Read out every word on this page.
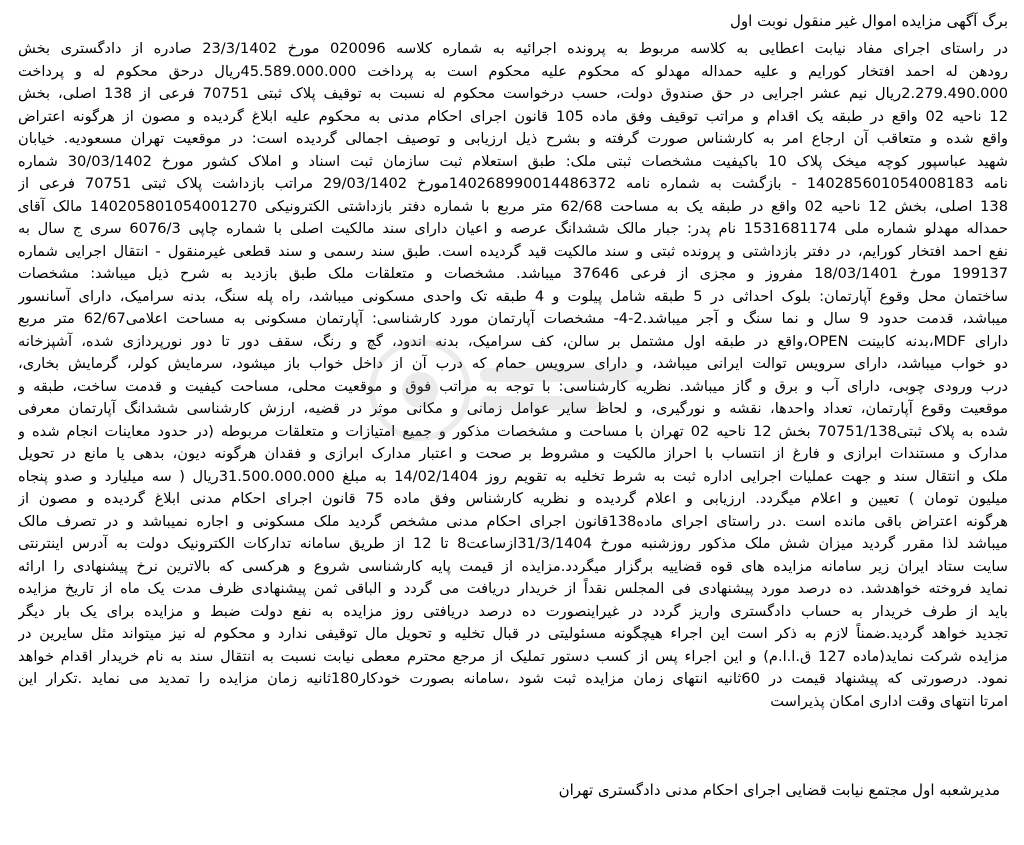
برگ آگهی مزایده اموال غیر منقول نوبت اول
در راستای اجرای مفاد نیابت اعطایی به کلاسه مربوط به پرونده اجرائیه به شماره کلاسه 020096 مورخ 23/3/1402 صادره از دادگستری بخش
رودهن له احمد افتخار کورایم و علیه حمداله مهدلو که محکوم علیه محکوم است به پرداخت 45.589.000.000ریال درحق محکوم له و پرداخت
2.279.490.000ریال نیم عشر اجرایی در حق صندوق دولت، حسب درخواست محکوم له نسبت به توقیف پلاک ثبتی 70751 فرعی از 138 اصلی، بخش
12 ناحیه 02 واقع در طبقه یک اقدام و مراتب توقیف وفق ماده 105 قانون اجرای احکام مدنی به محکوم علیه ابلاغ گردیده و مصون از هرگونه اعتراض
واقع شده و متعاقب آن ارجاع امر به کارشناس صورت گرفته و بشرح ذیل ارزیابی و توصیف اجمالی گردیده است: در موقعیت تهران مسعودیه. خیابان
شهید عباسپور کوچه میخک پلاک 10 باکیفیت مشخصات ثبتی ملک: طبق استعلام ثبت سازمان ثبت اسناد و املاک کشور مورخ 30/03/1402 شماره
نامه 140285601054008183 - بازگشت به شماره نامه 140268990014486372مورخ 29/03/1402 مراتب بازداشت پلاک ثبتی 70751 فرعی از
138 اصلی، بخش 12 ناحیه 02 واقع در طبقه یک به مساحت 62/68 متر مربع با شماره دفتر بازداشتی الکترونیکی 140205801054001270 مالک آقای
حمداله مهدلو شماره ملی 1531681174 نام پدر: جبار مالک ششدانگ عرصه و اعیان دارای سند مالکیت اصلی با شماره چاپی 6076/3 سری ج سال به
نفع احمد افتخار کورایم، در دفتر بازداشتی و پرونده ثبتی و سند مالکیت قید گردیده است. طبق سند رسمی و سند قطعی غیرمنقول - انتقال اجرایی شماره
199137 مورخ 18/03/1401 مفروز و مجزی از فرعی 37646 میباشد. مشخصات و متعلقات ملک طبق بازدید به شرح ذیل میباشد: مشخصات
ساختمان محل وقوع آپارتمان: بلوک احداثی در 5 طبقه شامل پیلوت و 4 طبقه تک واحدی مسکونی میباشد، راه پله سنگ، بدنه سرامیک، دارای آسانسور
میباشد، قدمت حدود 9 سال و نما سنگ و آجر میباشد.2-4- مشخصات آپارتمان مورد کارشناسی: آپارتمان مسکونی به مساحت اعلامی62/67 متر مربع
دارای MDF،بدنه کابینت OPEN،واقع در طبقه اول مشتمل بر سالن، کف سرامیک، بدنه اندود، گچ و رنگ، سقف دور تا دور نورپردازی شده، آشپزخانه
دو خواب میباشد، دارای سرویس توالت ایرانی میباشد، و دارای سرویس حمام که درب آن از داخل خواب باز میشود، سرمایش کولر، گرمایش بخاری،
درب ورودی چوبی، دارای آب و برق و گاز میباشد. نظریه کارشناسی: با توجه به مراتب فوق و موقعیت محلی، مساحت کیفیت و قدمت ساخت، طبقه و
موقعیت وقوع آپارتمان، تعداد واحدها، نقشه و نورگیری، و لحاظ سایر عوامل زمانی و مکانی موثر در قضیه، ارزش کارشناسی ششدانگ آپارتمان معرفی
شده به پلاک ثبتی70751/138 بخش 12 ناحیه 02 تهران با مساحت و مشخصات مذکور و جمیع امتیازات و متعلقات مربوطه (در حدود معاینات انجام شده و
مدارک و مستندات ابرازی و فارغ از انتساب با احراز مالکیت و مشروط بر صحت و اعتبار مدارک ابرازی و فقدان هرگونه دیون، بدهی یا مانع در تحویل
ملک و انتقال سند و جهت عملیات اجرایی اداره ثبت به شرط تخلیه به تقویم روز 14/02/1404 به مبلغ 31.500.000.000ریال ( سه میلیارد و صدو پنجاه
میلیون تومان ) تعیین و اعلام میگردد. ارزیابی و اعلام گردیده و نظریه کارشناس وفق ماده 75 قانون اجرای احکام مدنی ابلاغ گردیده و مصون از
هرگونه اعتراض باقی مانده است .در راستای اجرای ماده138قانون اجرای احکام مدنی مشخص گردید ملک مسکونی و اجاره نمیباشد و در تصرف مالک
میباشد لذا مقرر گردید میزان شش ملک مذکور روزشنبه مورخ 31/3/1404ازساعت8 تا 12 از طریق سامانه تدارکات الکترونیک دولت به آدرس اینترنتی
سایت ستاد ایران زیر سامانه مزایده های قوه قضاییه برگزار میگردد.مزایده از قیمت پایه کارشناسی شروع و هرکسی که بالاترین نرخ پیشنهادی را ارائه
نماید فروخته خواهدشد. ده درصد مورد پیشنهادی فی المجلس نقداً از خریدار دریافت می گردد و الباقی ثمن پیشنهادی ظرف مدت یک ماه از تاریخ مزایده
باید از طرف خریدار به حساب دادگستری واریز گردد در غیراینصورت ده درصد دریافتی روز مزایده به نفع دولت ضبط و مزایده برای یک بار دیگر
تجدید خواهد گردید.ضمناً لازم به ذکر است این اجراء هیچگونه مسئولیتی در قبال تخلیه و تحویل مال توقیفی ندارد و محکوم له نیز میتواند مثل سایرین در
مزایده شرکت نماید(ماده 127 ق.ا.ا.م) و این اجراء پس از کسب دستور تملیک از مرجع محترم معطی نیابت نسبت به انتقال سند به نام خریدار اقدام خواهد
نمود. درصورتی که پیشنهاد قیمت در 60ثانیه انتهای زمان مزایده ثبت شود ،سامانه بصورت خودکار180ثانیه زمان مزایده را تمدید می نماید .تکرار این
امرتا انتهای وقت اداری امکان پذیراست
مدیرشعبه اول مجتمع نیابت قضایی اجرای احکام مدنی دادگستری تهران
